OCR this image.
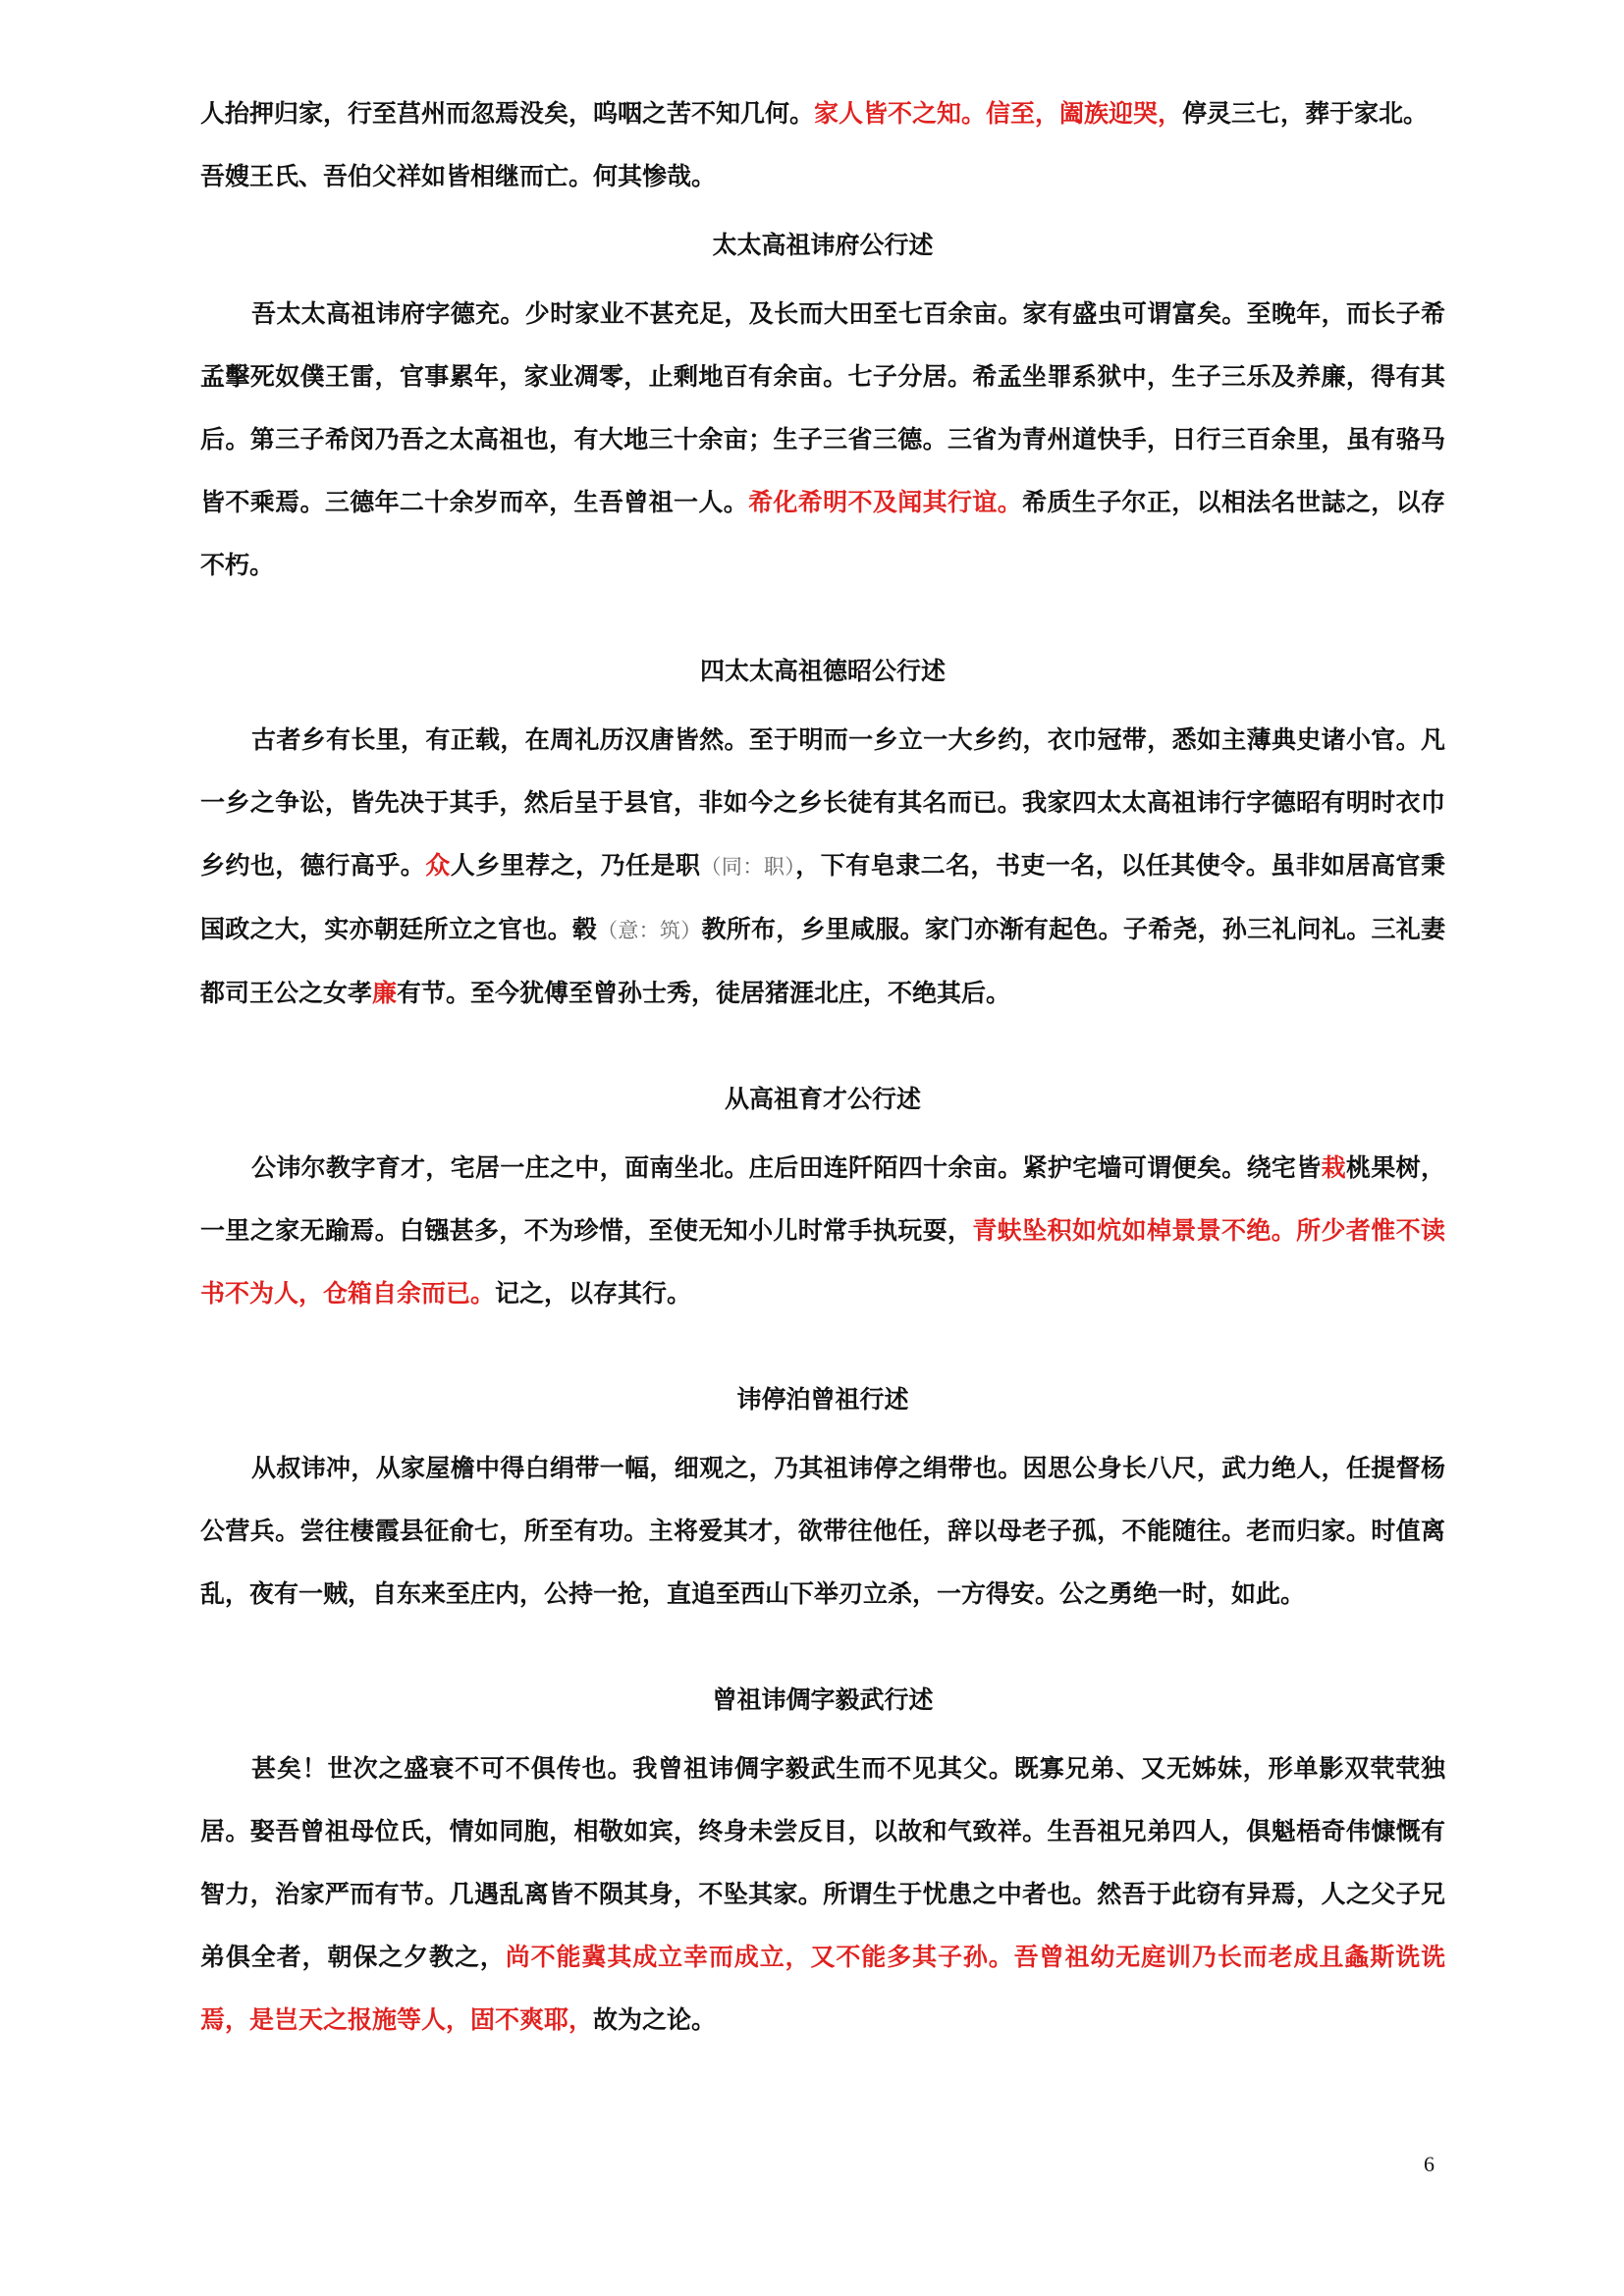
人抬押归家，行至莒州而忽焉没矣，呜咽之苦不知几何。家人皆不之知。信至，阖族迎哭，停灵三七，葬于家北。

吾嫂王氏、吾伯父祥如皆相继而亡。何其惨哉。

太太高祖讳府公行述

吾太太高祖讳府字德充。少时家业不甚充足，及长而大田至七百余亩。家有盛虫可谓富矣。至晚年，而长子希孟擊死奴僕王雷，官事累年，家业凋零，止剩地百有余亩。七子分居。希孟坐罪系狱中，生子三乐及养廉，得有其后。第三子希闵乃吾之太高祖也，有大地三十余亩；生子三省三德。三省为青州道快手，日行三百余里，虽有骆马皆不乘焉。三德年二十余岁而卒，生吾曾祖一人。希化希明不及闻其行谊。希质生子尔正，以相法名世誌之，以存不朽。

四太太高祖德昭公行述

古者乡有长里，有正载，在周礼历汉唐皆然。至于明而一乡立一大乡约，衣巾冠带，悉如主薄典史诸小官。凡一乡之争讼，皆先决于其手，然后呈于县官，非如今之乡长徒有其名而已。我家四太太高祖讳行字德昭有明时衣巾乡约也，德行高乎。众人乡里荐之，乃任是职（同：职），下有皂隶二名，书吏一名，以任其使令。虽非如居高官秉国政之大，实亦朝廷所立之官也。毂（意：筑）教所布，乡里咸服。家门亦渐有起色。子希尧，孙三礼问礼。三礼妻都司王公之女孝廉有节。至今犹傅至曾孙士秀，徒居猪涯北庄，不绝其后。

从高祖育才公行述

公讳尔教字育才，宅居一庄之中，面南坐北。庄后田连阡陌四十余亩。紧护宅墙可谓便矣。绕宅皆栽桃果树，一里之家无踰焉。白镪甚多，不为珍惜，至使无知小儿时常手执玩耍，青蚨坠积如炕如棹景景不绝。所少者惟不读书不为人，仓箱自余而已。记之，以存其行。

讳停泊曾祖行述

从叔讳冲，从家屋檐中得白绢带一幅，细观之，乃其祖讳停之绢带也。因思公身长八尺，武力绝人，任提督杨公营兵。尝往棲霞县征俞七，所至有功。主将爱其才，欲带往他任，辞以母老子孤，不能随往。老而归家。时值离乱，夜有一贼，自东来至庄内，公持一抢，直追至西山下举刃立杀，一方得安。公之勇绝一时，如此。

曾祖讳倜字毅武行述

甚矣！世次之盛衰不可不俱传也。我曾祖讳倜字毅武生而不见其父。既寡兄弟、又无姊妹，形单影双茕茕独居。娶吾曾祖母位氏，情如同胞，相敬如宾，终身未尝反目，以故和气致祥。生吾祖兄弟四人，俱魁梧奇伟慷慨有智力，治家严而有节。几遇乱离皆不陨其身，不坠其家。所谓生于忧患之中者也。然吾于此窃有异焉，人之父子兄弟俱全者，朝保之夕教之，尚不能冀其成立幸而成立，又不能多其子孙。吾曾祖幼无庭训乃长而老成且螽斯诜诜焉，是岂天之报施等人，固不爽耶，故为之论。

6
